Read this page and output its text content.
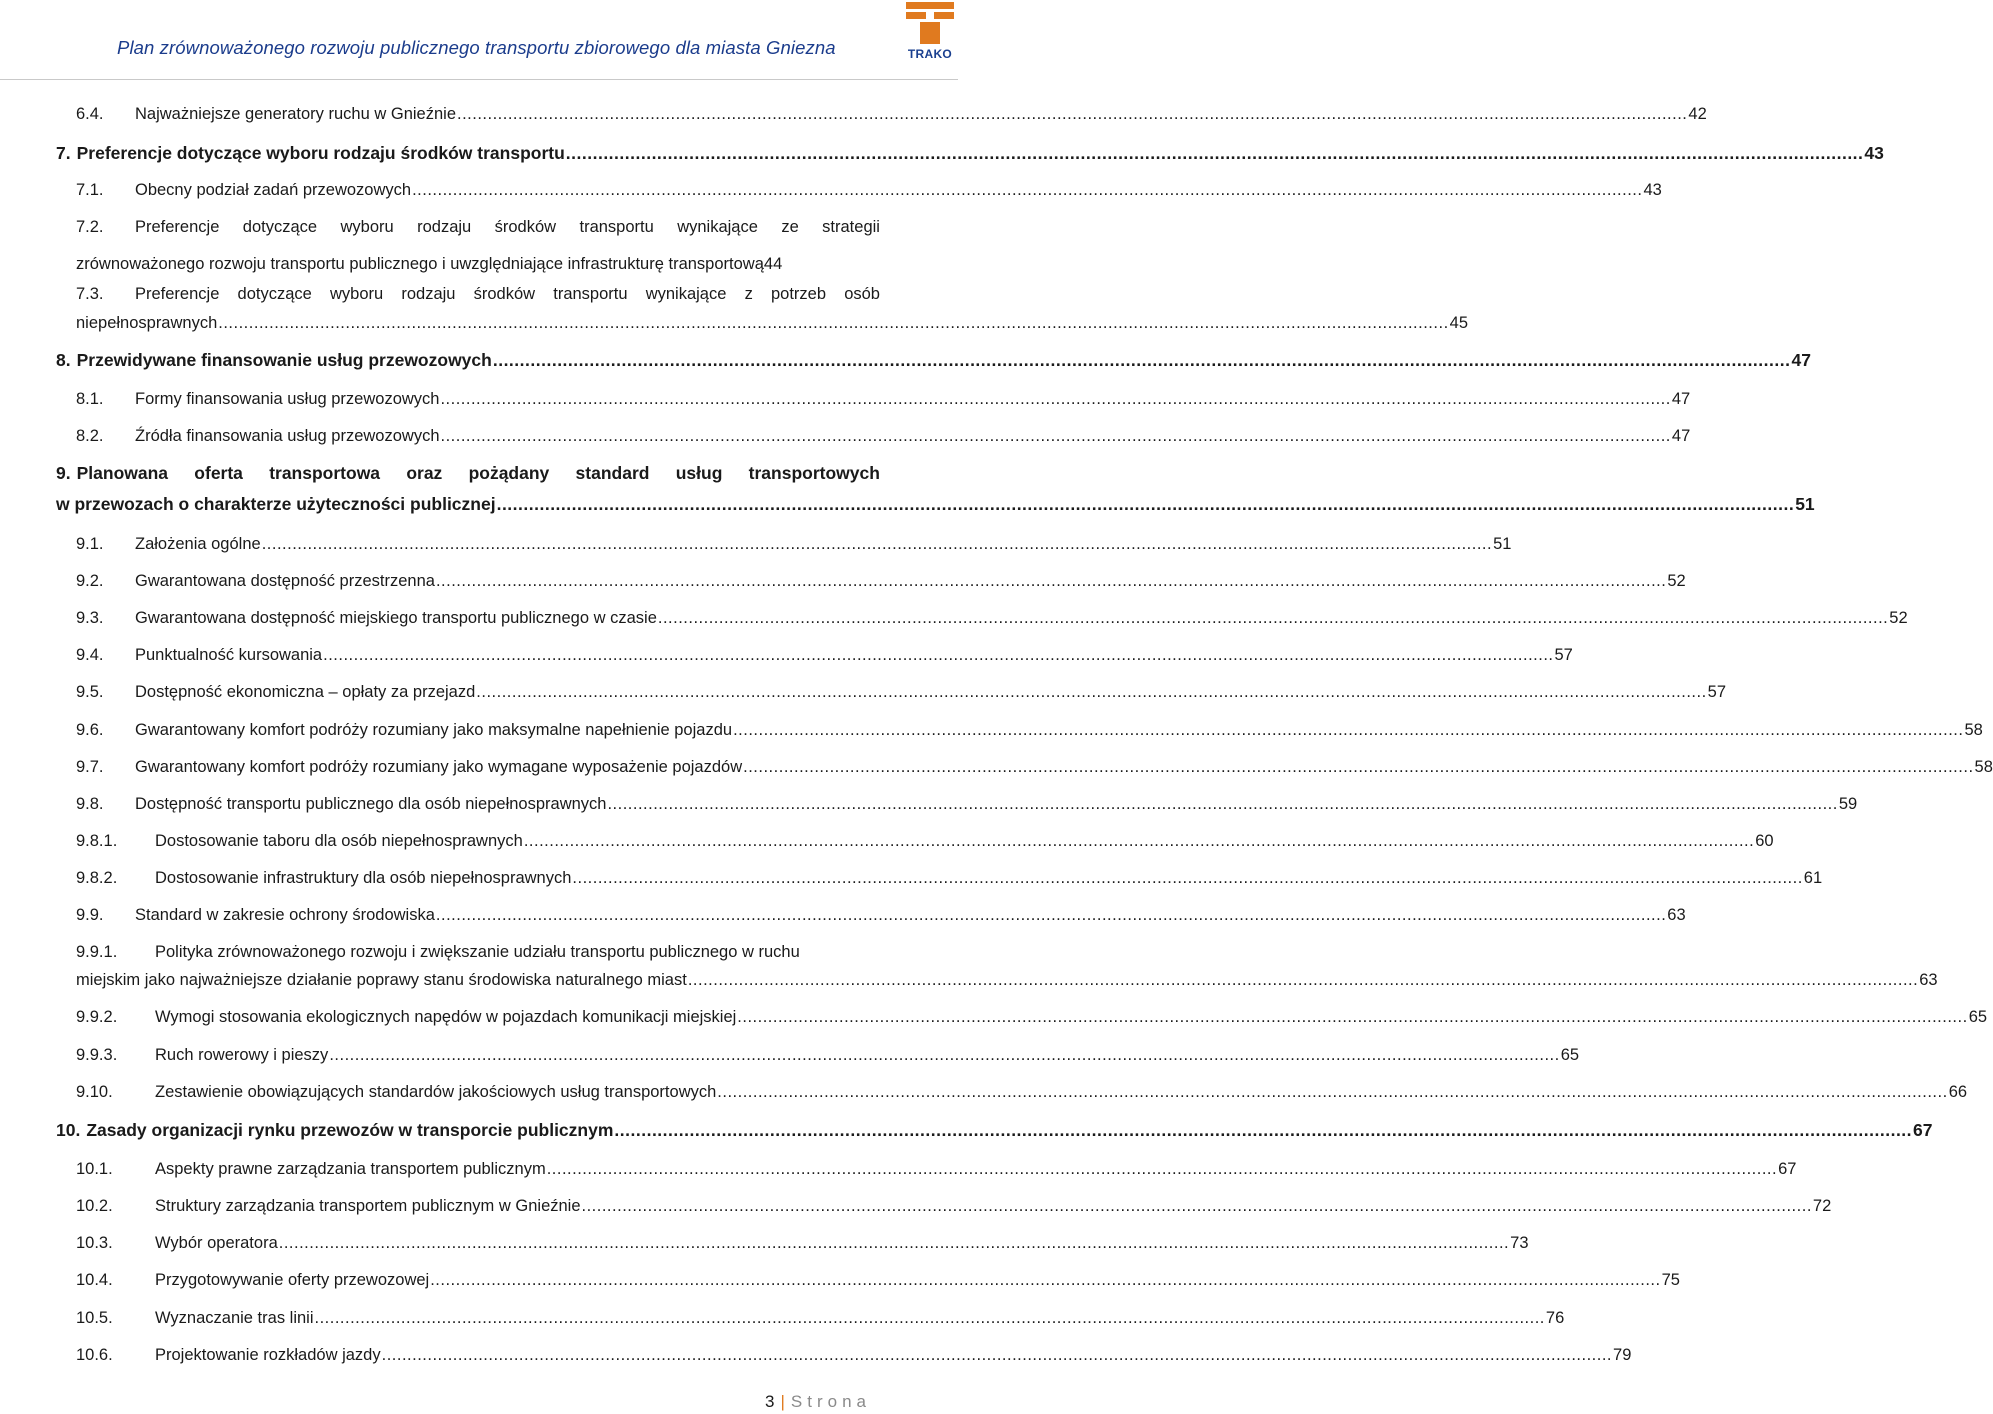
Plan zrównoważonego rozwoju publicznego transportu zbiorowego dla miasta Gniezna	TRAKO
6.4.	Najważniejsze generatory ruchu w Gnieźnie .....	42
7. Preferencje dotyczące wyboru rodzaju środków transportu .....	43
7.1.	Obecny podział zadań przewozowych .....	43
7.2.	Preferencje dotyczące wyboru rodzaju środków transportu wynikające ze strategii
zrównoważonego rozwoju transportu publicznego i uwzględniające infrastrukturę transportową 44
7.3.	Preferencje dotyczące wyboru rodzaju środków transportu wynikające z potrzeb osób
niepełnosprawnych .....	45
8. Przewidywane finansowanie usług przewozowych .....	47
8.1.	Formy finansowania usług przewozowych .....	47
8.2.	Źródła finansowania usług przewozowych .....	47
9. Planowana oferta transportowa oraz pożądany standard usług transportowych
w przewozach o charakterze użyteczności publicznej .....	51
9.1.	Założenia ogólne .....	51
9.2.	Gwarantowana dostępność przestrzenna .....	52
9.3.	Gwarantowana dostępność miejskiego transportu publicznego w czasie .....	52
9.4.	Punktualność kursowania .....	57
9.5.	Dostępność ekonomiczna – opłaty za przejazd .....	57
9.6.	Gwarantowany komfort podróży rozumiany jako maksymalne napełnienie pojazdu .....	58
9.7.	Gwarantowany komfort podróży rozumiany jako wymagane wyposażenie pojazdów .....	58
9.8.	Dostępność transportu publicznego dla osób niepełnosprawnych .....	59
9.8.1.	Dostosowanie taboru dla osób niepełnosprawnych .....	60
9.8.2.	Dostosowanie infrastruktury dla osób niepełnosprawnych .....	61
9.9.	Standard w zakresie ochrony środowiska .....	63
9.9.1.	Polityka zrównoważonego rozwoju i zwiększanie udziału transportu publicznego w ruchu
miejskim jako najważniejsze działanie poprawy stanu środowiska naturalnego miast .....	63
9.9.2.	Wymogi stosowania ekologicznych napędów w pojazdach komunikacji miejskiej .....	65
9.9.3.	Ruch rowerowy i pieszy .....	65
9.10.	Zestawienie obowiązujących standardów jakościowych usług transportowych .....	66
10. Zasady organizacji rynku przewozów w transporcie publicznym .....	67
10.1.	Aspekty prawne zarządzania transportem publicznym .....	67
10.2.	Struktury zarządzania transportem publicznym w Gnieźnie .....	72
10.3.	Wybór operatora .....	73
10.4.	Przygotowywanie oferty przewozowej .....	75
10.5.	Wyznaczanie tras linii .....	76
10.6.	Projektowanie rozkładów jazdy .....	79
3 | Strona
